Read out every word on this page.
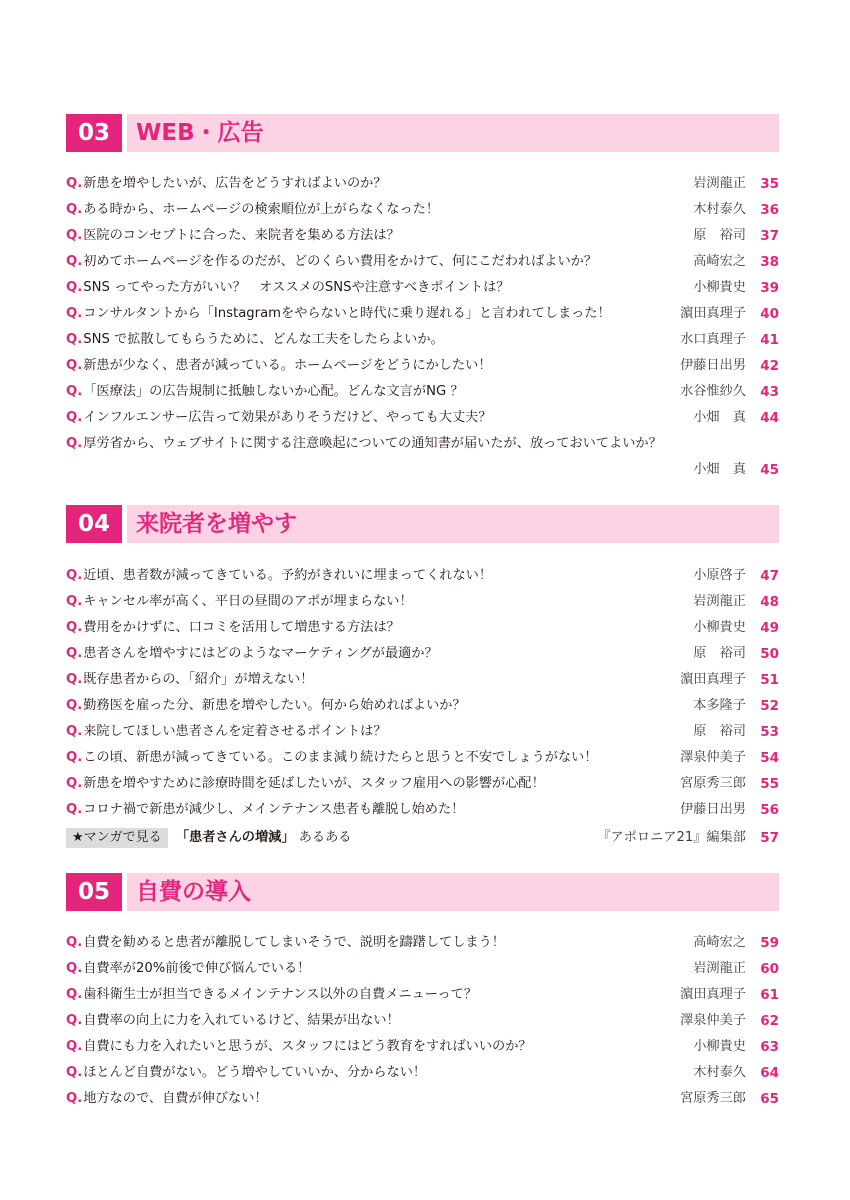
03	WEB・広告
Q.新患を増やしたいが、広告をどうすればよいのか？	岩渕龍正	35
Q.ある時から、ホームページの検索順位が上がらなくなった！	木村泰久	36
Q.医院のコンセプトに合った、来院者を集める方法は？	原　裕司	37
Q.初めてホームページを作るのだが、どのくらい費用をかけて、何にこだわればよいか？	高崎宏之	38
Q.SNS ってやった方がいい？　オススメのSNSや注意すべきポイントは？	小柳貴史	39
Q.コンサルタントから「Instagramをやらないと時代に乗り遅れる」と言われてしまった！	濵田真理子	40
Q.SNS で拡散してもらうために、どんな工夫をしたらよいか。	水口真理子	41
Q.新患が少なく、患者が減っている。ホームページをどうにかしたい！	伊藤日出男	42
Q.「医療法」の広告規制に抵触しないか心配。どんな文言がNG ？	水谷惟紗久	43
Q.インフルエンサー広告って効果がありそうだけど、やっても大丈夫？	小畑　真	44
Q.厚労省から、ウェブサイトに関する注意喚起についての通知書が届いたが、放っておいてよいか？
小畑　真	45
04	来院者を増やす
Q.近頃、患者数が減ってきている。予約がきれいに埋まってくれない！	小原啓子	47
Q.キャンセル率が高く、平日の昼間のアポが埋まらない！	岩渕龍正	48
Q.費用をかけずに、口コミを活用して増患する方法は？	小柳貴史	49
Q.患者さんを増やすにはどのようなマーケティングが最適か？	原　裕司	50
Q.既存患者からの、「紹介」が増えない！	濵田真理子	51
Q.勤務医を雇った分、新患を増やしたい。何から始めればよいか？	本多隆子	52
Q.来院してほしい患者さんを定着させるポイントは？	原　裕司	53
Q.この頃、新患が減ってきている。このまま減り続けたらと思うと不安でしょうがない！	澤泉仲美子	54
Q.新患を増やすために診療時間を延ばしたいが、スタッフ雇用への影響が心配！	宮原秀三郎	55
Q.コロナ禍で新患が減少し、メインテナンス患者も離脱し始めた！	伊藤日出男	56
★マンガで見る 「患者さんの増減」 あるある	『アポロニア21』編集部	57
05	自費の導入
Q.自費を勧めると患者が離脱してしまいそうで、説明を躊躇してしまう！	高崎宏之	59
Q.自費率が20%前後で伸び悩んでいる！	岩渕龍正	60
Q.歯科衛生士が担当できるメインテナンス以外の自費メニューって？	濵田真理子	61
Q.自費率の向上に力を入れているけど、結果が出ない！	澤泉仲美子	62
Q.自費にも力を入れたいと思うが、スタッフにはどう教育をすればいいのか？	小柳貴史	63
Q.ほとんど自費がない。どう増やしていいか、分からない！	木村泰久	64
Q.地方なので、自費が伸びない！	宮原秀三郎	65
